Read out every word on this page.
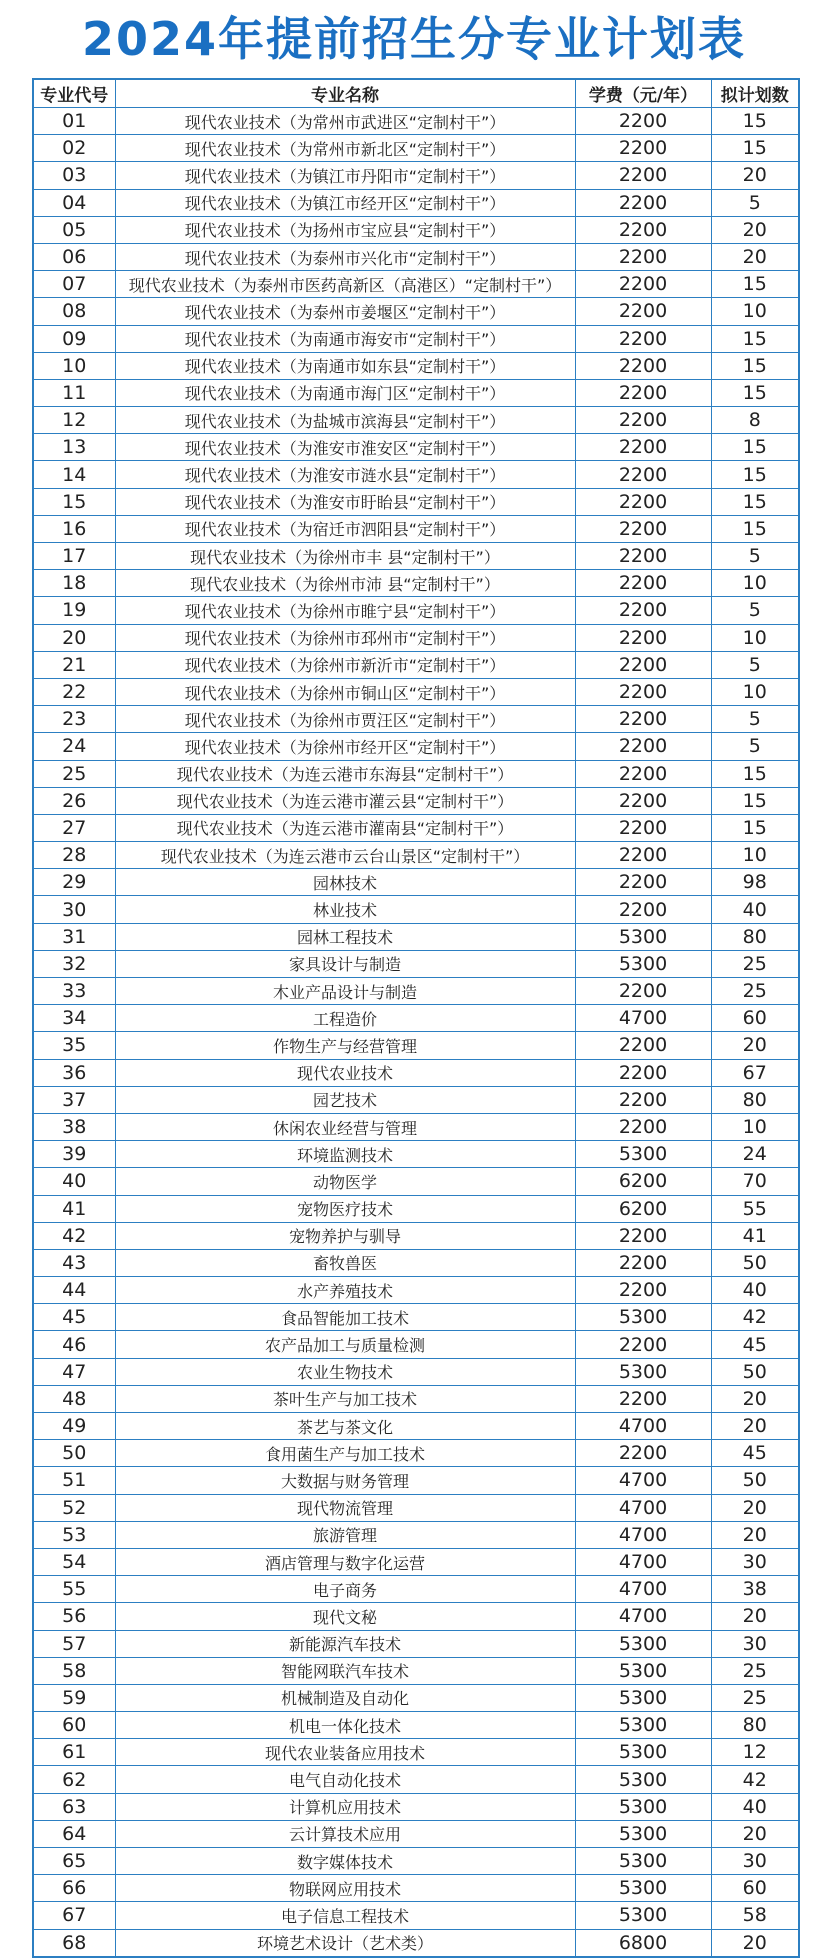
2024年提前招生分专业计划表
专业代号	专业名称	学费（元/年）	拟计划数
01	现代农业技术（为常州市武进区“定制村干”）	2200	15
02	现代农业技术（为常州市新北区“定制村干”）	2200	15
03	现代农业技术（为镇江市丹阳市“定制村干”）	2200	20
04	现代农业技术（为镇江市经开区“定制村干”）	2200	5
05	现代农业技术（为扬州市宝应县“定制村干”）	2200	20
06	现代农业技术（为泰州市兴化市“定制村干”）	2200	20
07	现代农业技术（为泰州市医药高新区（高港区）“定制村干”）	2200	15
08	现代农业技术（为泰州市姜堰区“定制村干”）	2200	10
09	现代农业技术（为南通市海安市“定制村干”）	2200	15
10	现代农业技术（为南通市如东县“定制村干”）	2200	15
11	现代农业技术（为南通市海门区“定制村干”）	2200	15
12	现代农业技术（为盐城市滨海县“定制村干”）	2200	8
13	现代农业技术（为淮安市淮安区“定制村干”）	2200	15
14	现代农业技术（为淮安市涟水县“定制村干”）	2200	15
15	现代农业技术（为淮安市盱眙县“定制村干”）	2200	15
16	现代农业技术（为宿迁市泗阳县“定制村干”）	2200	15
17	现代农业技术（为徐州市丰 县“定制村干”）	2200	5
18	现代农业技术（为徐州市沛 县“定制村干”）	2200	10
19	现代农业技术（为徐州市睢宁县“定制村干”）	2200	5
20	现代农业技术（为徐州市邳州市“定制村干”）	2200	10
21	现代农业技术（为徐州市新沂市“定制村干”）	2200	5
22	现代农业技术（为徐州市铜山区“定制村干”）	2200	10
23	现代农业技术（为徐州市贾汪区“定制村干”）	2200	5
24	现代农业技术（为徐州市经开区“定制村干”）	2200	5
25	现代农业技术（为连云港市东海县“定制村干”）	2200	15
26	现代农业技术（为连云港市灌云县“定制村干”）	2200	15
27	现代农业技术（为连云港市灌南县“定制村干”）	2200	15
28	现代农业技术（为连云港市云台山景区“定制村干”）	2200	10
29	园林技术	2200	98
30	林业技术	2200	40
31	园林工程技术	5300	80
32	家具设计与制造	5300	25
33	木业产品设计与制造	2200	25
34	工程造价	4700	60
35	作物生产与经营管理	2200	20
36	现代农业技术	2200	67
37	园艺技术	2200	80
38	休闲农业经营与管理	2200	10
39	环境监测技术	5300	24
40	动物医学	6200	70
41	宠物医疗技术	6200	55
42	宠物养护与驯导	2200	41
43	畜牧兽医	2200	50
44	水产养殖技术	2200	40
45	食品智能加工技术	5300	42
46	农产品加工与质量检测	2200	45
47	农业生物技术	5300	50
48	茶叶生产与加工技术	2200	20
49	茶艺与茶文化	4700	20
50	食用菌生产与加工技术	2200	45
51	大数据与财务管理	4700	50
52	现代物流管理	4700	20
53	旅游管理	4700	20
54	酒店管理与数字化运营	4700	30
55	电子商务	4700	38
56	现代文秘	4700	20
57	新能源汽车技术	5300	30
58	智能网联汽车技术	5300	25
59	机械制造及自动化	5300	25
60	机电一体化技术	5300	80
61	现代农业装备应用技术	5300	12
62	电气自动化技术	5300	42
63	计算机应用技术	5300	40
64	云计算技术应用	5300	20
65	数字媒体技术	5300	30
66	物联网应用技术	5300	60
67	电子信息工程技术	5300	58
68	环境艺术设计（艺术类）	6800	20
